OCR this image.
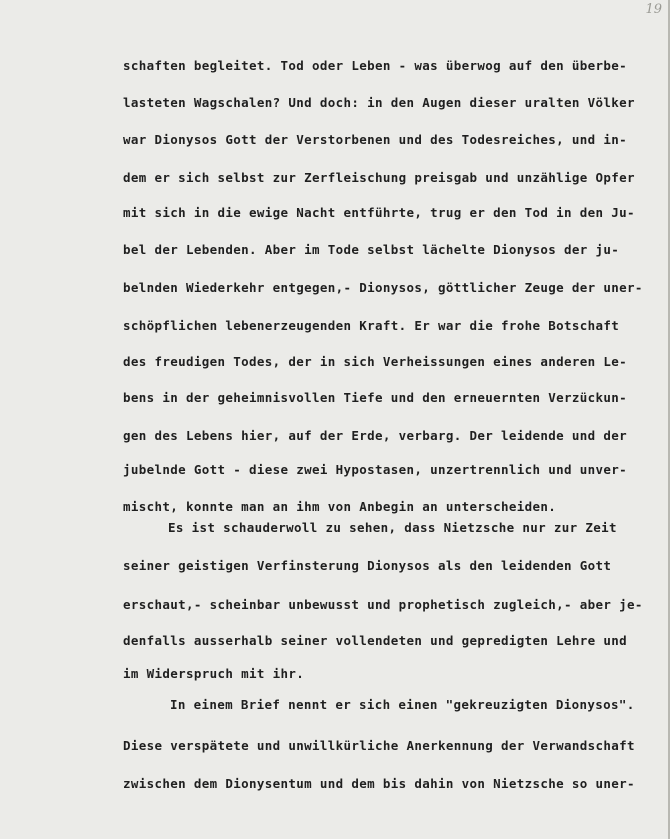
19
schaften begleitet. Tod oder Leben - was überwog auf den überbe-
lasteten Wagschalen? Und doch: in den Augen dieser uralten Völker
war Dionysos Gott der Verstorbenen und des Todesreiches, und in-
dem er sich selbst zur Zerfleischung preisgab und unzählige Opfer
mit sich in die ewige Nacht entführte, trug er den Tod in den Ju-
bel der Lebenden. Aber im Tode selbst lächelte Dionysos der ju-
belnden Wiederkehr entgegen,- Dionysos, göttlicher Zeuge der uner-
schöpflichen lebenerzeugenden Kraft. Er war die frohe Botschaft
des freudigen Todes, der in sich Verheissungen eines anderen Le-
bens in der geheimnisvollen Tiefe und den erneuernten Verzückun-
gen des Lebens hier, auf der Erde, verbarg. Der leidende und der
jubelnde Gott - diese zwei Hypostasen, unzertrennlich und unver-
mischt, konnte man an ihm von Anbegin an unterscheiden.
Es ist schauderwoll zu sehen, dass Nietzsche nur zur Zeit
seiner geistigen Verfinsterung Dionysos als den leidenden Gott
erschaut,- scheinbar unbewusst und prophetisch zugleich,- aber je-
denfalls ausserhalb seiner vollendeten und gepredigten Lehre und
im Widerspruch mit ihr.
In einem Brief nennt er sich einen "gekreuzigten Dionysos".
Diese verspätete und unwillkürliche Anerkennung der Verwandschaft
zwischen dem Dionysentum und dem bis dahin von Nietzsche so uner-
